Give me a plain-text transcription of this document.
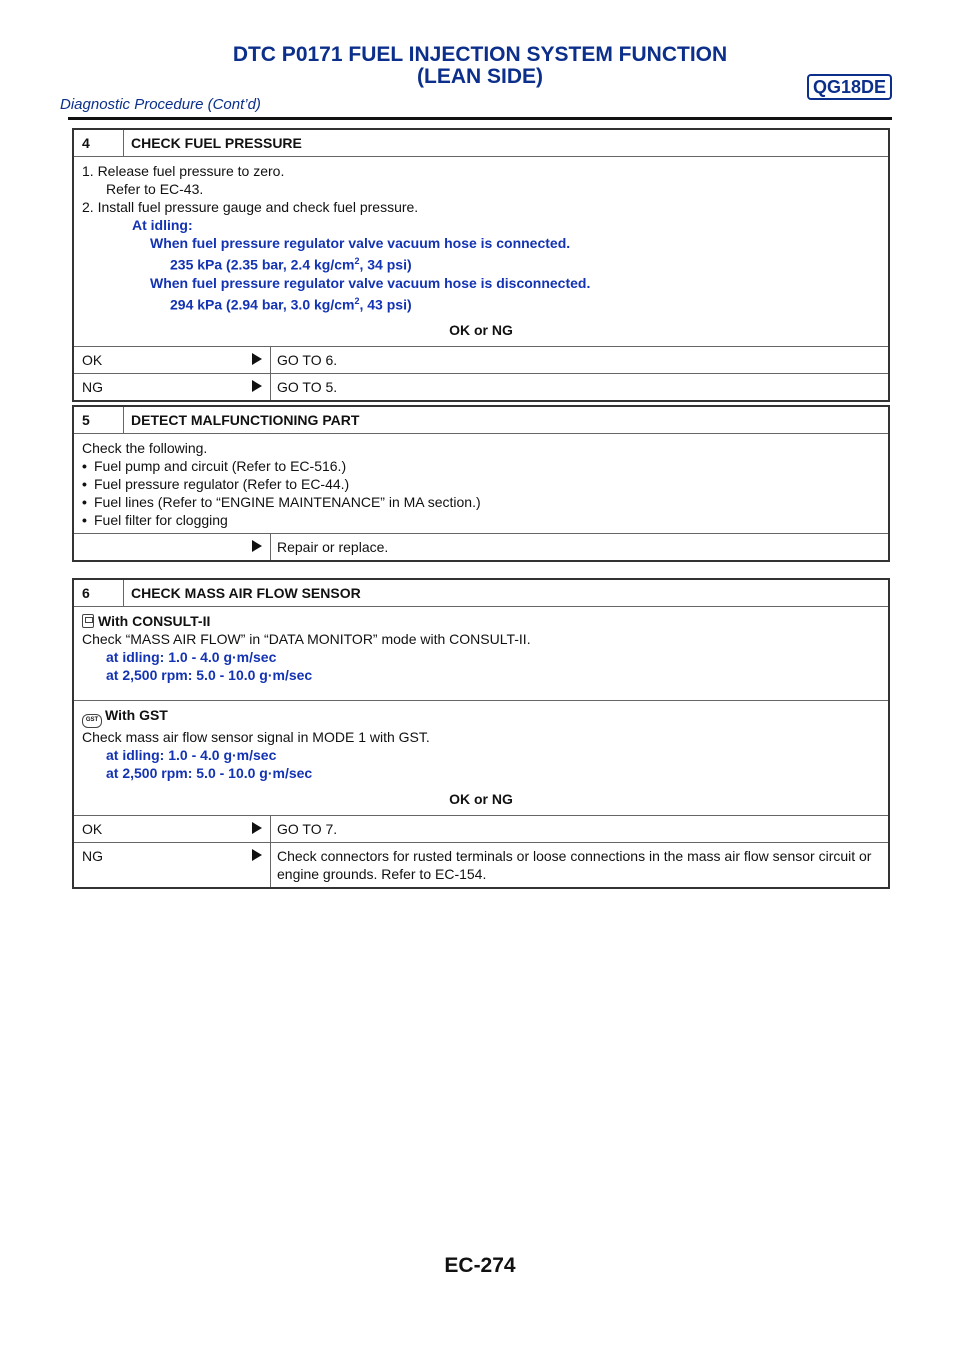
DTC P0171 FUEL INJECTION SYSTEM FUNCTION
(LEAN SIDE)
Diagnostic Procedure (Cont’d)
QG18DE
4	CHECK FUEL PRESSURE
1. Release fuel pressure to zero.
Refer to EC-43.
2. Install fuel pressure gauge and check fuel pressure.
At idling:
When fuel pressure regulator valve vacuum hose is connected.
235 kPa (2.35 bar, 2.4 $kg/cm^2$, 34 psi)
When fuel pressure regulator valve vacuum hose is disconnected.
294 kPa (2.94 bar, 3.0 $kg/cm^2$, 43 psi)
OK or NG
OK	GO TO 6.
NG	GO TO 5.
5	DETECT MALFUNCTIONING PART
Check the following.
• Fuel pump and circuit (Refer to EC-516.)
• Fuel pressure regulator (Refer to EC-44.)
• Fuel lines (Refer to “ENGINE MAINTENANCE” in MA section.)
• Fuel filter for clogging
Repair or replace.
6	CHECK MASS AIR FLOW SENSOR
With CONSULT-II
Check “MASS AIR FLOW” in “DATA MONITOR” mode with CONSULT-II.
at idling: 1.0 - 4.0 g·m/sec
at 2,500 rpm: 5.0 - 10.0 g·m/sec
GST With GST
Check mass air flow sensor signal in MODE 1 with GST.
at idling: 1.0 - 4.0 g·m/sec
at 2,500 rpm: 5.0 - 10.0 g·m/sec
OK or NG
OK	GO TO 7.
NG	Check connectors for rusted terminals or loose connections in the mass air flow sensor circuit or engine grounds. Refer to EC-154.
EC-274
